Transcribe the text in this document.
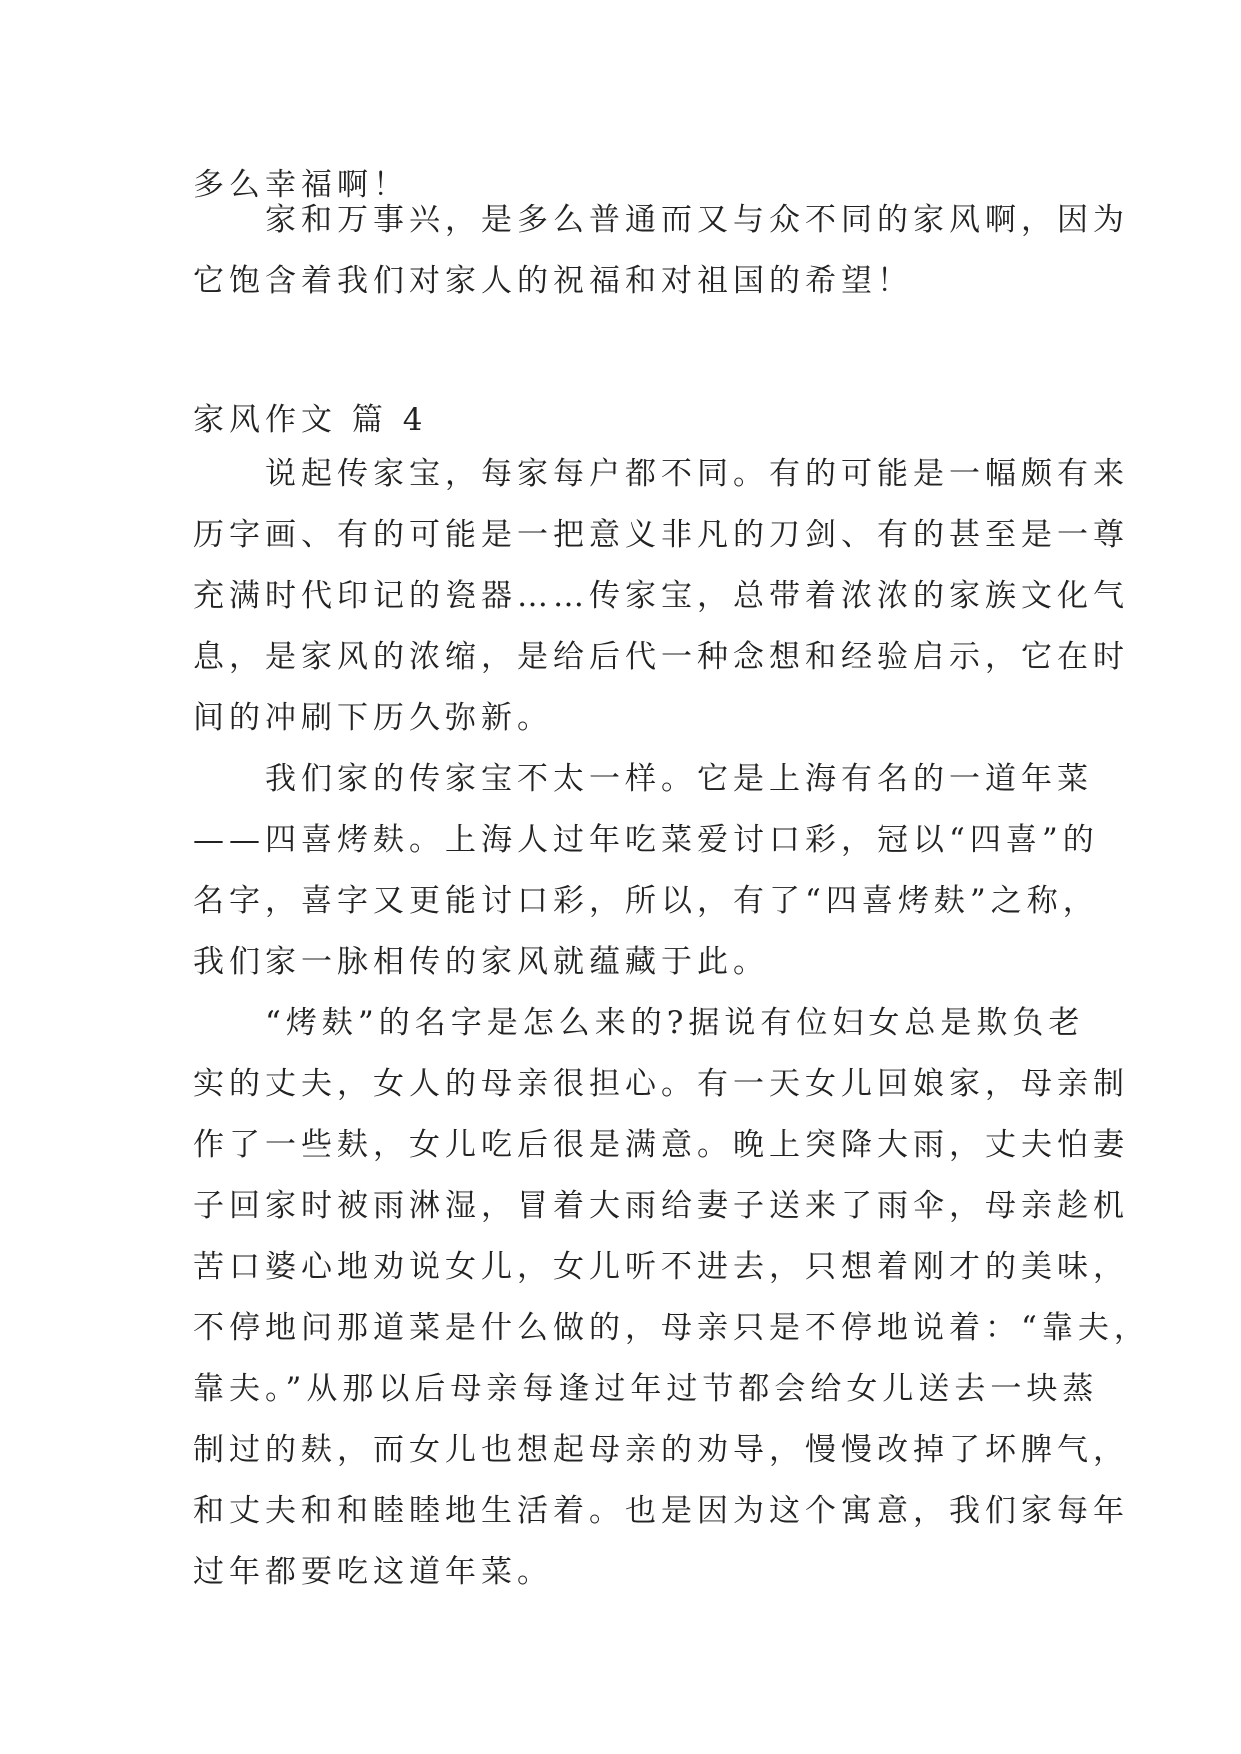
多么幸福啊！

家和万事兴，是多么普通而又与众不同的家风啊，因为
它饱含着我们对家人的祝福和对祖国的希望！

家风作文 篇 4

说起传家宝，每家每户都不同。有的可能是一幅颇有来
历字画、有的可能是一把意义非凡的刀剑、有的甚至是一尊
充满时代印记的瓷器……传家宝，总带着浓浓的家族文化气
息，是家风的浓缩，是给后代一种念想和经验启示，它在时
间的冲刷下历久弥新。

我们家的传家宝不太一样。它是上海有名的一道年菜
——四喜烤麸。上海人过年吃菜爱讨口彩，冠以“四喜”的
名字，喜字又更能讨口彩，所以，有了“四喜烤麸”之称，
我们家一脉相传的家风就蕴藏于此。

“烤麸”的名字是怎么来的?据说有位妇女总是欺负老
实的丈夫，女人的母亲很担心。有一天女儿回娘家，母亲制
作了一些麸，女儿吃后很是满意。晚上突降大雨，丈夫怕妻
子回家时被雨淋湿，冒着大雨给妻子送来了雨伞，母亲趁机
苦口婆心地劝说女儿，女儿听不进去，只想着刚才的美味，
不停地问那道菜是什么做的，母亲只是不停地说着：“靠夫，
靠夫。”从那以后母亲每逢过年过节都会给女儿送去一块蒸
制过的麸，而女儿也想起母亲的劝导，慢慢改掉了坏脾气，
和丈夫和和睦睦地生活着。也是因为这个寓意，我们家每年
过年都要吃这道年菜。
